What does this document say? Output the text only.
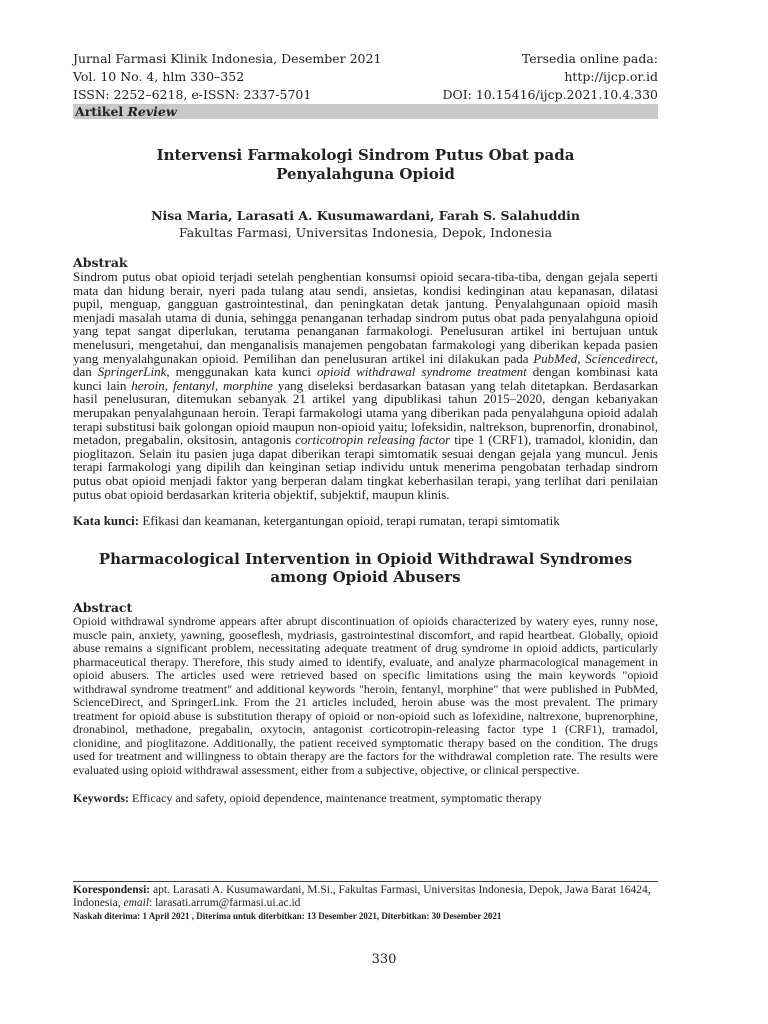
Jurnal Farmasi Klinik Indonesia, Desember 2021	Tersedia online pada:
Vol. 10 No. 4, hlm 330–352	http://ijcp.or.id
ISSN: 2252–6218, e-ISSN: 2337-5701	DOI: 10.15416/ijcp.2021.10.4.330
Artikel Review
Intervensi Farmakologi Sindrom Putus Obat pada
Penyalahguna Opioid
Nisa Maria, Larasati A. Kusumawardani, Farah S. Salahuddin
Fakultas Farmasi, Universitas Indonesia, Depok, Indonesia
Abstrak

Sindrom putus obat opioid terjadi setelah penghentian konsumsi opioid secara-tiba-tiba, dengan gejala seperti mata dan hidung berair, nyeri pada tulang atau sendi, ansietas, kondisi kedinginan atau kepanasan, dilatasi pupil, menguap, gangguan gastrointestinal, dan peningkatan detak jantung. Penyalahgunaan opioid masih menjadi masalah utama di dunia, sehingga penanganan terhadap sindrom putus obat pada penyalahguna opioid yang tepat sangat diperlukan, terutama penanganan farmakologi. Penelusuran artikel ini bertujuan untuk menelusuri, mengetahui, dan menganalisis manajemen pengobatan farmakologi yang diberikan kepada pasien yang menyalahgunakan opioid. Pemilihan dan penelusuran artikel ini dilakukan pada PubMed, Sciencedirect, dan SpringerLink, menggunakan kata kunci opioid withdrawal syndrome treatment dengan kombinasi kata kunci lain heroin, fentanyl, morphine yang diseleksi berdasarkan batasan yang telah ditetapkan. Berdasarkan hasil penelusuran, ditemukan sebanyak 21 artikel yang dipublikasi tahun 2015–2020, dengan kebanyakan merupakan penyalahgunaan heroin. Terapi farmakologi utama yang diberikan pada penyalahguna opioid adalah terapi substitusi baik golongan opioid maupun non-opioid yaitu; lofeksidin, naltrekson, buprenorfin, dronabinol, metadon, pregabalin, oksitosin, antagonis corticotropin releasing factor tipe 1 (CRF1), tramadol, klonidin, dan pioglitazon. Selain itu pasien juga dapat diberikan terapi simtomatik sesuai dengan gejala yang muncul. Jenis terapi farmakologi yang dipilih dan keinginan setiap individu untuk menerima pengobatan terhadap sindrom putus obat opioid menjadi faktor yang berperan dalam tingkat keberhasilan terapi, yang terlihat dari penilaian putus obat opioid berdasarkan kriteria objektif, subjektif, maupun klinis.

Kata kunci: Efikasi dan keamanan, ketergantungan opioid, terapi rumatan, terapi simtomatik
Pharmacological Intervention in Opioid Withdrawal Syndromes
among Opioid Abusers
Abstract

Opioid withdrawal syndrome appears after abrupt discontinuation of opioids characterized by watery eyes, runny nose, muscle pain, anxiety, yawning, gooseflesh, mydriasis, gastrointestinal discomfort, and rapid heartbeat. Globally, opioid abuse remains a significant problem, necessitating adequate treatment of drug syndrome in opioid addicts, particularly pharmaceutical therapy. Therefore, this study aimed to identify, evaluate, and analyze pharmacological management in opioid abusers. The articles used were retrieved based on specific limitations using the main keywords "opioid withdrawal syndrome treatment" and additional keywords "heroin, fentanyl, morphine" that were published in PubMed, ScienceDirect, and SpringerLink. From the 21 articles included, heroin abuse was the most prevalent. The primary treatment for opioid abuse is substitution therapy of opioid or non-opioid such as lofexidine, naltrexone, buprenorphine, dronabinol, methadone, pregabalin, oxytocin, antagonist corticotropin-releasing factor type 1 (CRF1), tramadol, clonidine, and pioglitazone. Additionally, the patient received symptomatic therapy based on the condition. The drugs used for treatment and willingness to obtain therapy are the factors for the withdrawal completion rate. The results were evaluated using opioid withdrawal assessment, either from a subjective, objective, or clinical perspective.

Keywords: Efficacy and safety, opioid dependence, maintenance treatment, symptomatic therapy
Korespondensi: apt. Larasati A. Kusumawardani, M.Si., Fakultas Farmasi, Universitas Indonesia, Depok, Jawa Barat 16424, Indonesia, email: larasati.arrum@farmasi.ui.ac.id
Naskah diterima: 1 April 2021 , Diterima untuk diterbitkan: 13 Desember 2021, Diterbitkan: 30 Desember 2021
330
